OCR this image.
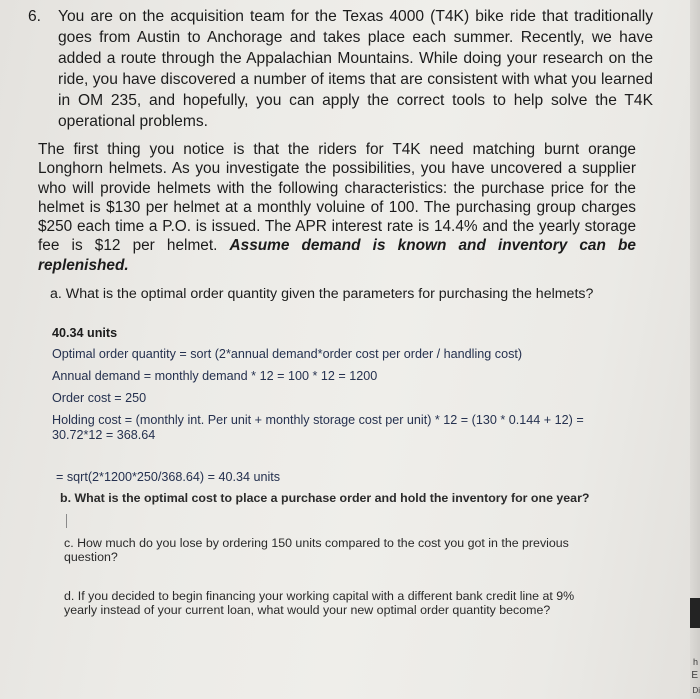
6. You are on the acquisition team for the Texas 4000 (T4K) bike ride that traditionally goes from Austin to Anchorage and takes place each summer. Recently, we have added a route through the Appalachian Mountains. While doing your research on the ride, you have discovered a number of items that are consistent with what you learned in OM 235, and hopefully, you can apply the correct tools to help solve the T4K operational problems.
The first thing you notice is that the riders for T4K need matching burnt orange Longhorn helmets. As you investigate the possibilities, you have uncovered a supplier who will provide helmets with the following characteristics: the purchase price for the helmet is $130 per helmet at a monthly voluine of 100. The purchasing group charges $250 each time a P.O. is issued. The APR interest rate is 14.4% and the yearly storage fee is $12 per helmet. Assume demand is known and inventory can be replenished.
a. What is the optimal order quantity given the parameters for purchasing the helmets?
40.34 units
Optimal order quantity = sort (2*annual demand*order cost per order / handling cost)
Annual demand = monthly demand * 12 = 100 * 12 = 1200
Order cost = 250
Holding cost = (monthly int. Per unit + monthly storage cost per unit) * 12 = (130 * 0.144 + 12) = 30.72*12 = 368.64
= sqrt(2*1200*250/368.64) = 40.34 units
b. What is the optimal cost to place a purchase order and hold the inventory for one year?
c. How much do you lose by ordering 150 units compared to the cost you got in the previous question?
d. If you decided to begin financing your working capital with a different bank credit line at 9% yearly instead of your current loan, what would your new optimal order quantity become?
h
E
Di
